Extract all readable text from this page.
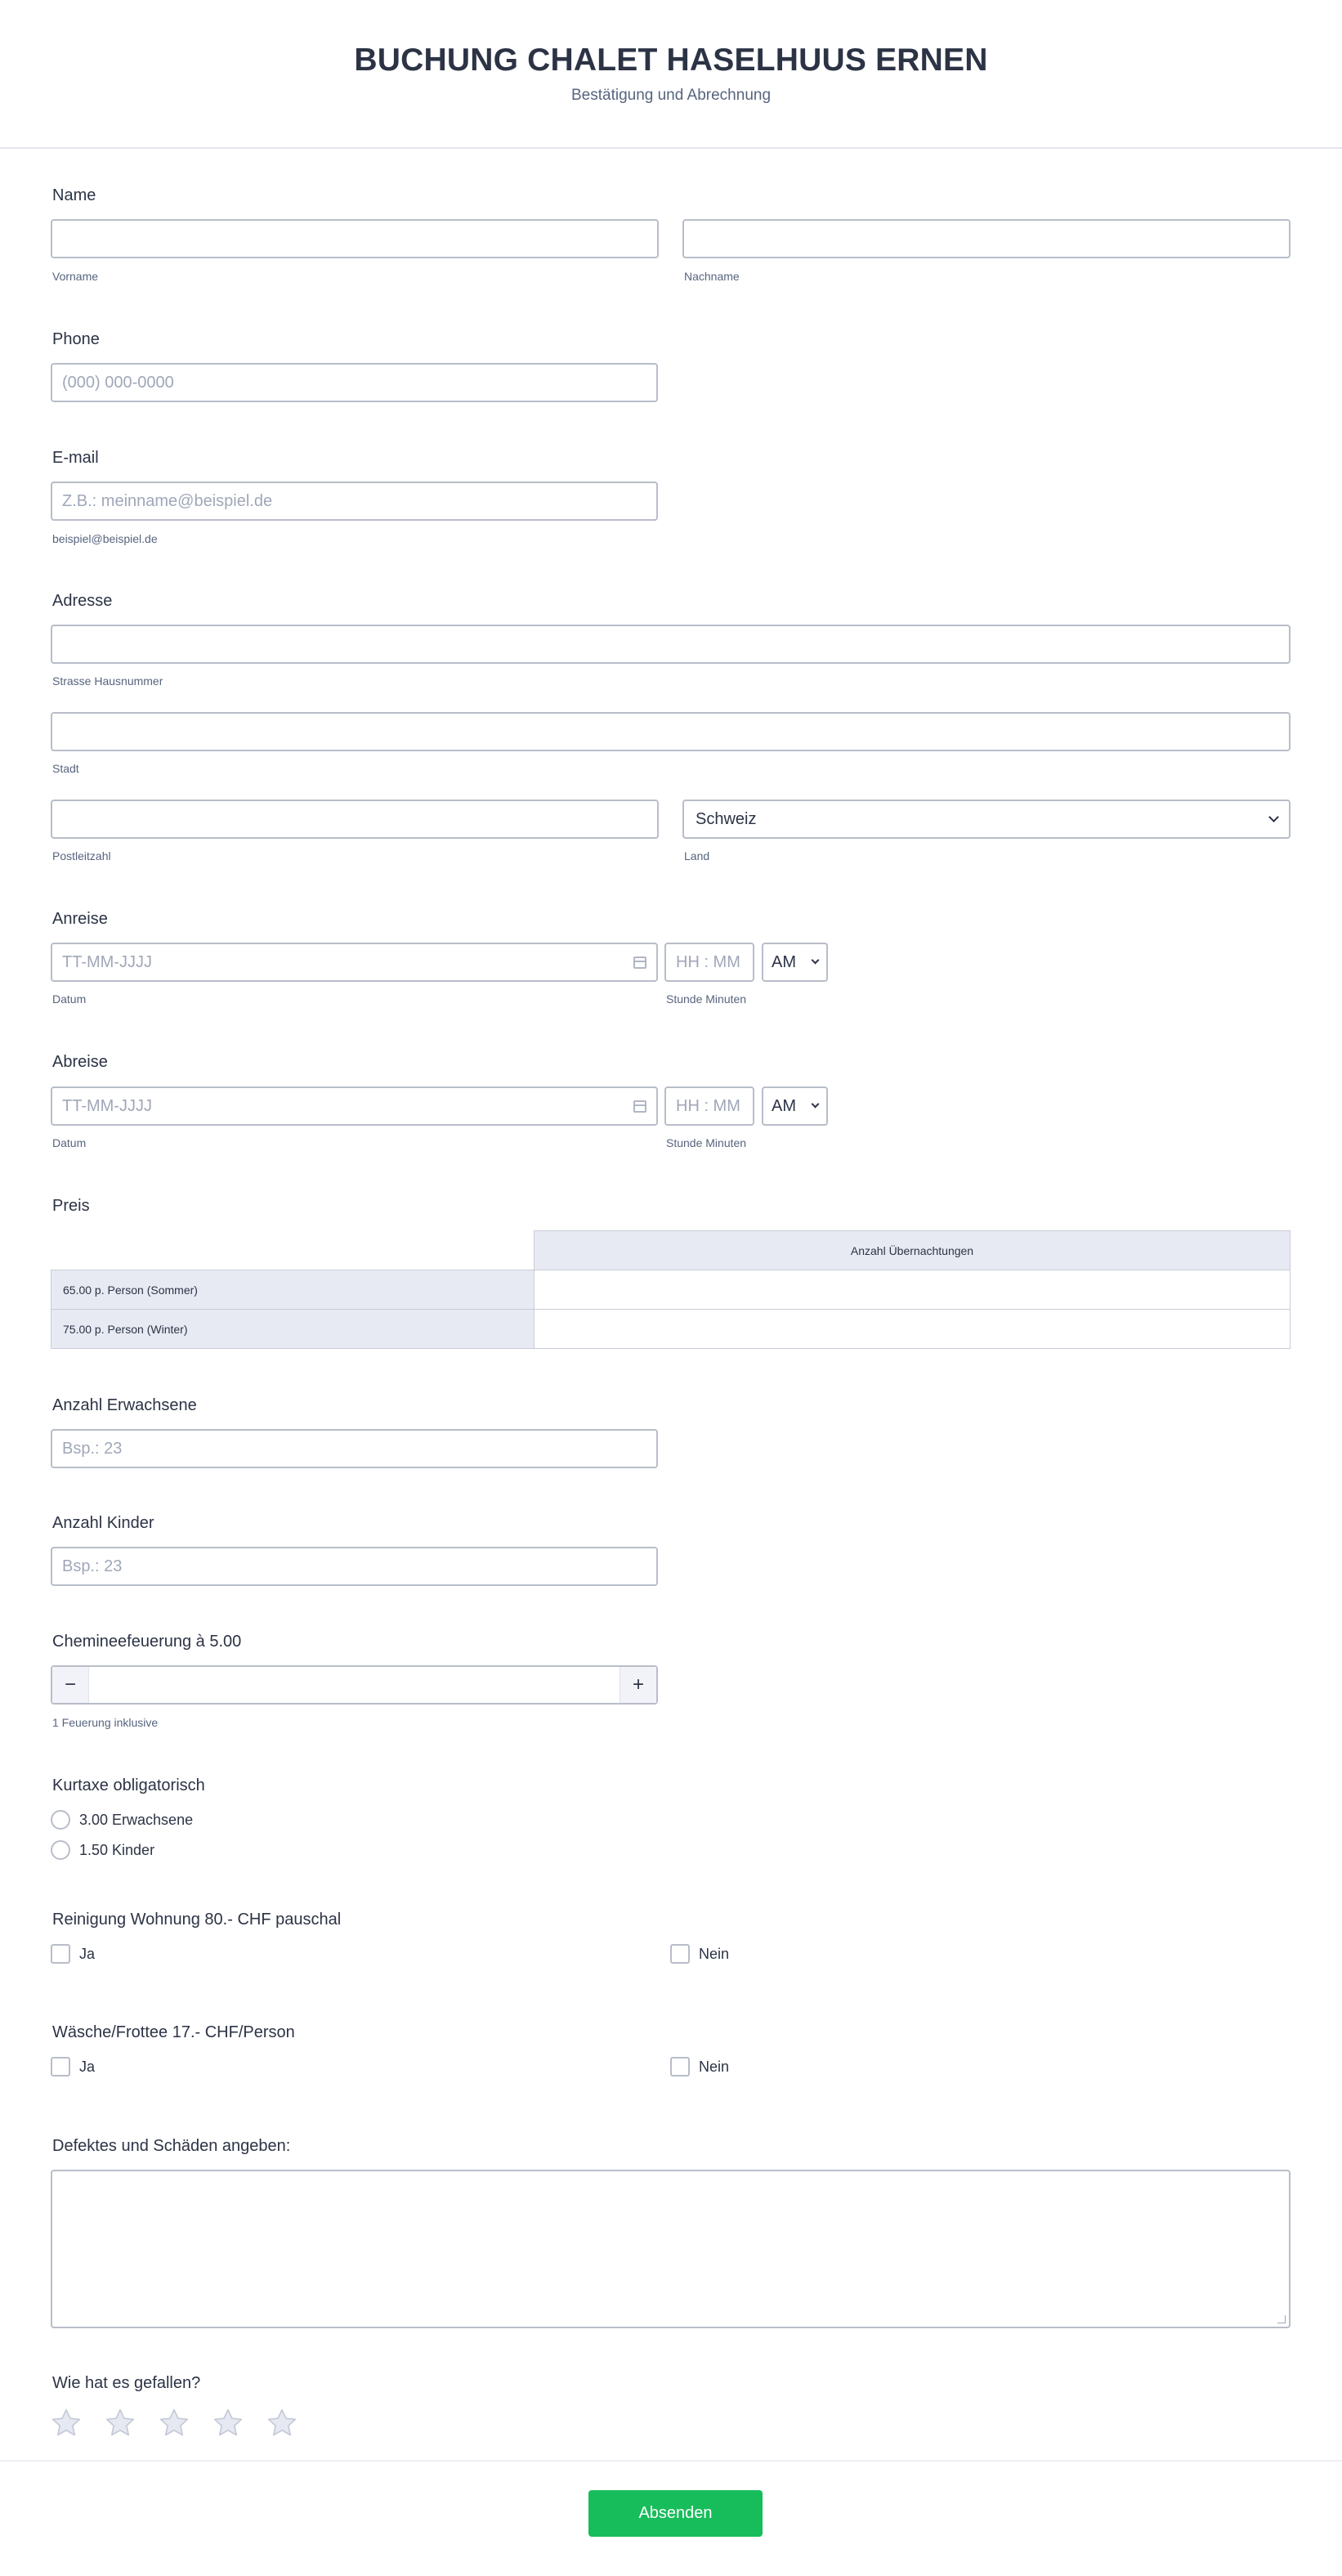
BUCHUNG CHALET HASELHUUS ERNEN
Bestätigung und Abrechnung
Name
Vorname	Nachname
Phone
(000) 000-0000
E-mail
Z.B.: meinname@beispiel.de
beispiel@beispiel.de
Adresse
Strasse Hausnummer
Stadt
Schweiz
Postleitzahl	Land
Anreise
TT-MM-JJJJ	HH : MM AM
Datum	Stunde Minuten
Abreise
TT-MM-JJJJ	HH : MM AM
Datum	Stunde Minuten
Preis
	Anzahl Übernachtungen
65.00 p. Person (Sommer)	
75.00 p. Person (Winter)	
Anzahl Erwachsene
Bsp.: 23
Anzahl Kinder
Bsp.: 23
Chemineefeuerung à 5.00
−	+
1 Feuerung inklusive
Kurtaxe obligatorisch
3.00 Erwachsene
1.50 Kinder
Reinigung Wohnung 80.- CHF pauschal
Ja	Nein
Wäsche/Frottee 17.- CHF/Person
Ja	Nein
Defektes und Schäden angeben:
Wie hat es gefallen?
Absenden
